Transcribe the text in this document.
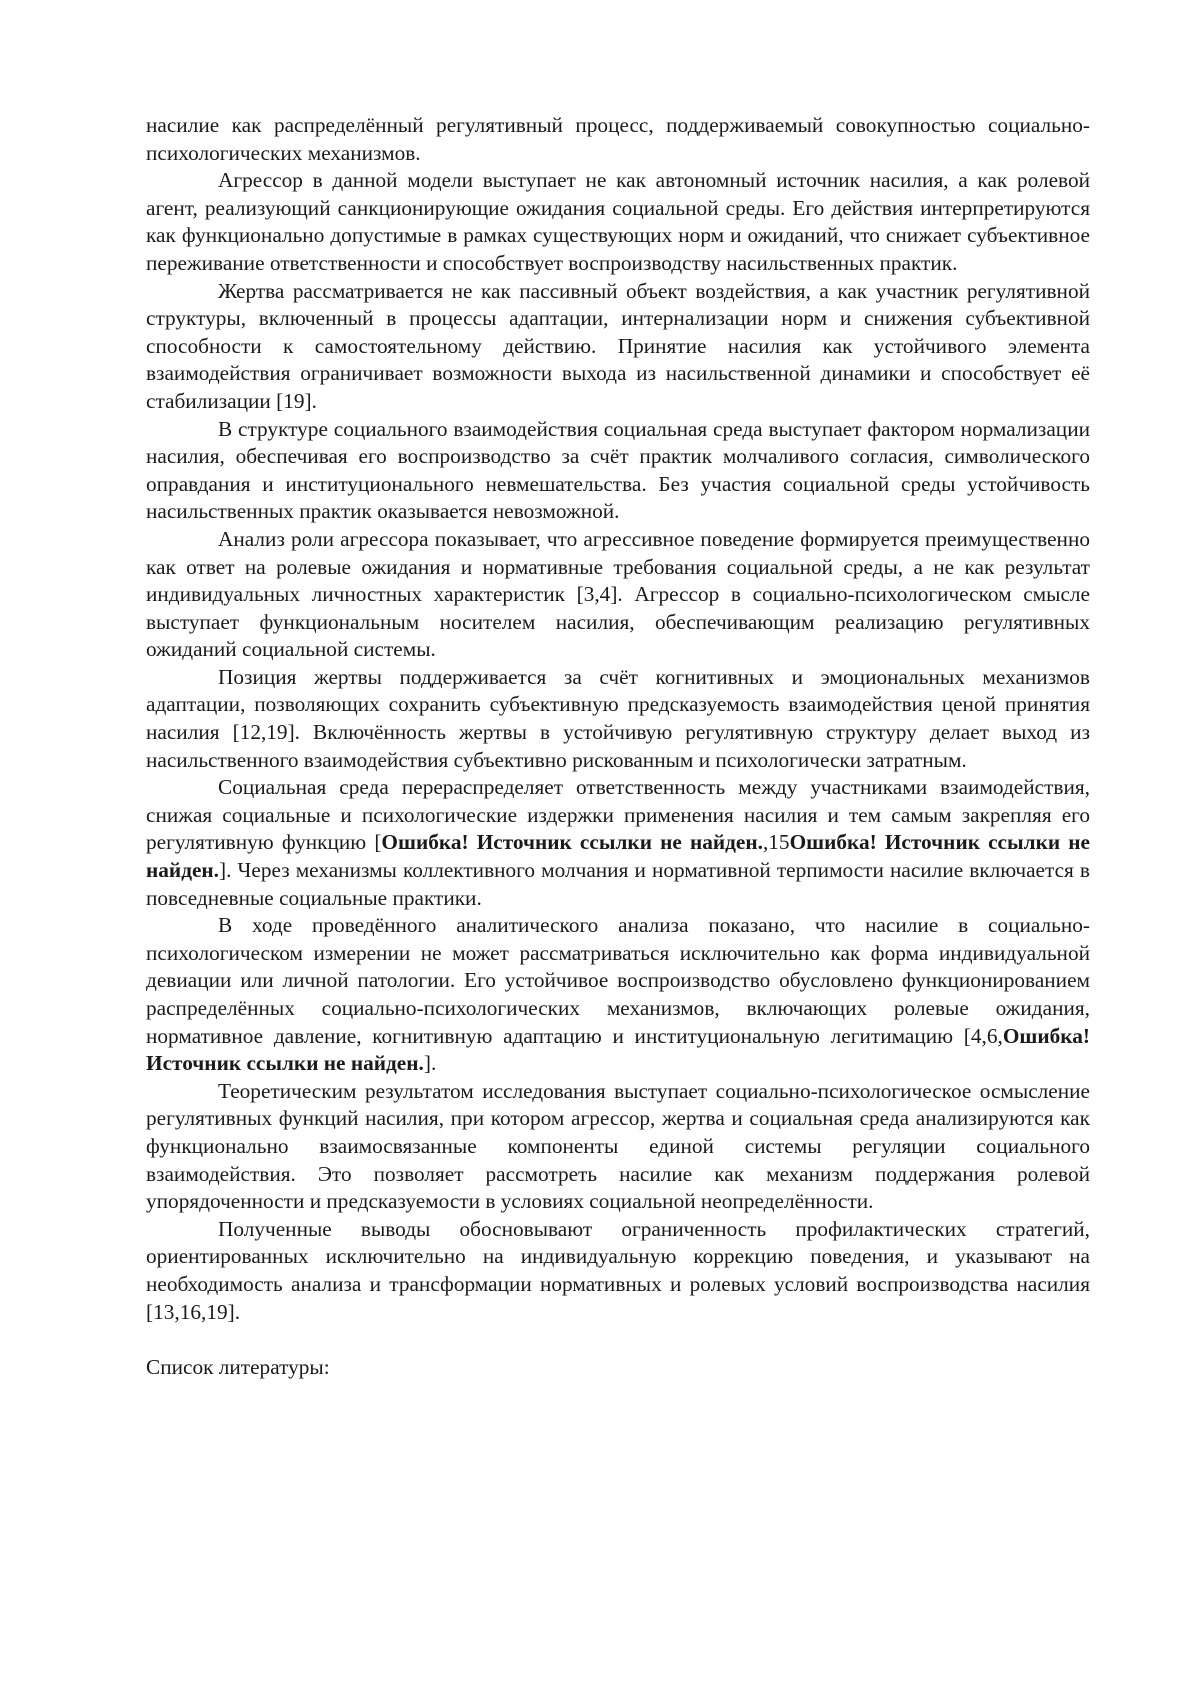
насилие как распределённый регулятивный процесс, поддерживаемый совокупностью социально-психологических механизмов.

Агрессор в данной модели выступает не как автономный источник насилия, а как ролевой агент, реализующий санкционирующие ожидания социальной среды. Его действия интерпретируются как функционально допустимые в рамках существующих норм и ожиданий, что снижает субъективное переживание ответственности и способствует воспроизводству насильственных практик.

Жертва рассматривается не как пассивный объект воздействия, а как участник регулятивной структуры, включенный в процессы адаптации, интернализации норм и снижения субъективной способности к самостоятельному действию. Принятие насилия как устойчивого элемента взаимодействия ограничивает возможности выхода из насильственной динамики и способствует её стабилизации [19].

В структуре социального взаимодействия социальная среда выступает фактором нормализации насилия, обеспечивая его воспроизводство за счёт практик молчаливого согласия, символического оправдания и институционального невмешательства. Без участия социальной среды устойчивость насильственных практик оказывается невозможной.

Анализ роли агрессора показывает, что агрессивное поведение формируется преимущественно как ответ на ролевые ожидания и нормативные требования социальной среды, а не как результат индивидуальных личностных характеристик [3,4]. Агрессор в социально-психологическом смысле выступает функциональным носителем насилия, обеспечивающим реализацию регулятивных ожиданий социальной системы.

Позиция жертвы поддерживается за счёт когнитивных и эмоциональных механизмов адаптации, позволяющих сохранить субъективную предсказуемость взаимодействия ценой принятия насилия [12,19]. Включённость жертвы в устойчивую регулятивную структуру делает выход из насильственного взаимодействия субъективно рискованным и психологически затратным.

Социальная среда перераспределяет ответственность между участниками взаимодействия, снижая социальные и психологические издержки применения насилия и тем самым закрепляя его регулятивную функцию [Ошибка! Источник ссылки не найден.,15Ошибка! Источник ссылки не найден.]. Через механизмы коллективного молчания и нормативной терпимости насилие включается в повседневные социальные практики.

В ходе проведённого аналитического анализа показано, что насилие в социально-психологическом измерении не может рассматриваться исключительно как форма индивидуальной девиации или личной патологии. Его устойчивое воспроизводство обусловлено функционированием распределённых социально-психологических механизмов, включающих ролевые ожидания, нормативное давление, когнитивную адаптацию и институциональную легитимацию [4,6,Ошибка! Источник ссылки не найден.].

Теоретическим результатом исследования выступает социально-психологическое осмысление регулятивных функций насилия, при котором агрессор, жертва и социальная среда анализируются как функционально взаимосвязанные компоненты единой системы регуляции социального взаимодействия. Это позволяет рассмотреть насилие как механизм поддержания ролевой упорядоченности и предсказуемости в условиях социальной неопределённости.

Полученные выводы обосновывают ограниченность профилактических стратегий, ориентированных исключительно на индивидуальную коррекцию поведения, и указывают на необходимость анализа и трансформации нормативных и ролевых условий воспроизводства насилия [13,16,19].

Список литературы:
